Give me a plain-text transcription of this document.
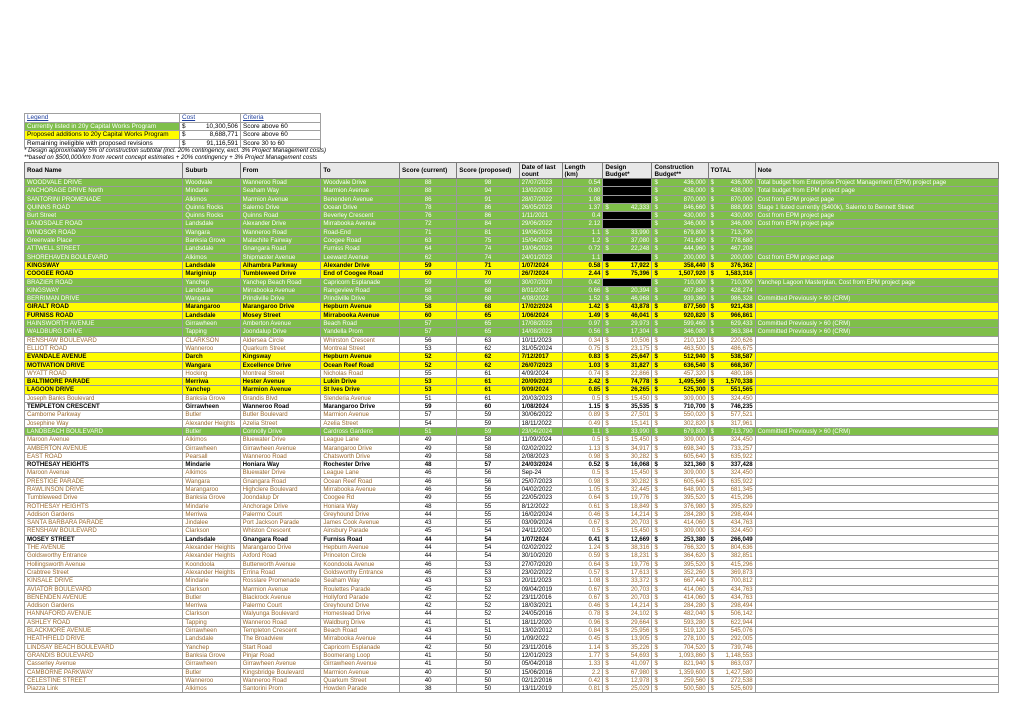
Legend	Cost	Criteria
Currently listed in 20y Capital Works Program	$ 10,300,506	Score above 60
Proposed additions to 20y Capital Works Program	$ 8,688,771	Score above 60
Remaining ineligible with proposed revisions	$ 91,116,591	Score 30 to 60
* Design approximately 5% of construction subtotal (incl. 20% contingency, excl. 3% Project Management costs)
**based on $500,000/km from recent concept estimates + 20% contingency + 3% Project Management costs
Road Name	Suburb	From	To	Score (current)	Score (proposed)	Date of last count	Length (km)	Design Budget*	Construction Budget**	TOTAL	Note
WOODVALE DRIVE	Woodvale	Wanneroo Road	Woodvale Drive	88	98	27/07/2023	0.54		$ 436,000	$ 436,000	Total budget from Enterprise Project Management (EPM) project page
ANCHORAGE DRIVE North	Mindarie	Seaham Way	Marmion Avenue	88	94	13/02/2023	0.80		$ 438,000	$ 438,000	Total budget from EPM project page
SANTORINI PROMENADE	Alkimos	Marmion Avenue	Benenden Avenue	86	91	28/07/2022	1.08		$ 870,000	$ 870,000	Cost from EPM project page
QUINNS ROAD	Quinns Rocks	Salerno Drive	Ocean Drive	78	86	26/05/2023	1.37	$ 42,333	$ 846,660	$ 888,993	Stage 1 listed currently ($400k), Salerno to Bennett Street
Burt Street	Quinns Rocks	Quinns Road	Beverley Crescent	76	86	1/11/2021	0.4		$ 430,000	$ 430,000	Cost from EPM project page
LANDSDALE ROAD	Landsdale	Alexander Drive	Mirrabooka Avenue	72	84	29/06/2022	2.12		$ 346,000	$ 346,000	Cost from EPM project page
WINDSOR ROAD	Wangara	Wanneroo Road	Road-End	71	81	19/06/2023	1.1	$ 33,990	$ 679,800	$ 713,790	

Greenvale Place	Banksia Grove	Malachite Fairway	Coogee Road	63	75	15/04/2024	1.2	$ 37,080	$ 741,600	$ 778,680	

ATTWELL STREET	Landsdale	Gnangara Road	Furniss Road	64	74	19/06/2023	0.72	$ 22,248	$ 444,960	$ 467,208	

SHOREHAVEN BOULEVARD	Alkimos	Shipmaster Avenue	Leeward Avenue	62	74	24/01/2023	1.1		$ 200,000	$ 200,000	Cost from EPM project page
KINGSWAY	Landsdale	Alhambra Parkway	Alexander Drive	59	71	1/07/2024	0.58	$ 17,922	$ 358,440	$ 376,362	

COOGEE ROAD	Mariginiup	Tumbleweed Drive	End of Coogee Road	60	70	26/7/2024	2.44	$ 75,396	$ 1,507,920	$ 1,583,316	

BRAZIER ROAD	Yanchep	Yanchep Beach Road	Capricorn Esplanade	59	69	30/07/2020	0.42		$ 710,000	$ 710,000	Yanchep Lagoon Masterplan, Cost from EPM project page
KINGSWAY	Landsdale	Mirrabooka Avenue	Rangeview Road	68	68	8/01/2024	0.66	$ 20,394	$ 407,880	$ 428,274	

BERRIMAN DRIVE	Wangara	Prindiville Drive	Prindiville Drive	58	68	4/08/2022	1.52	$ 46,968	$ 939,360	$ 986,328	Committed Previously > 60 (CRM)
GIRALT ROAD	Marangaroo	Marangaroo Drive	Hepburn Avenue	58	68	17/02/2024	1.42	$ 43,878	$ 877,560	$ 921,438	

FURNISS ROAD	Landsdale	Mosey Street	Mirrabooka Avenue	60	65	1/06/2024	1.49	$ 46,041	$ 920,820	$ 966,861	

HAINSWORTH AVENUE	Girrawheen	Amberton Avenue	Beach Road	57	65	17/08/2023	0.97	$ 29,973	$ 599,460	$ 629,433	Committed Previously > 60 (CRM)
WALDBURG DRIVE	Tapping	Joondalup Drive	Yandella Prom	57	65	14/08/2023	0.56	$ 17,304	$ 346,080	$ 363,384	Committed Previously > 60 (CRM)
RENSHAW BOULEVARD	CLARKSON	Aldersea Circle	Whinston Crescent	56	63	10/11/2023	0.34	$ 10,506	$ 210,120	$ 220,626	

ELLIOT ROAD	Wanneroo	Quarkum Street	Montreal Street	53	62	31/05/2024	0.75	$ 23,175	$ 463,500	$ 486,675	

EVANDALE AVENUE	Darch	Kingsway	Hepburn Avenue	52	62	7/12/2017	0.83	$ 25,647	$ 512,940	$ 538,587	

MOTIVATION DRIVE	Wangara	Excellence Drive	Ocean Reef Road	52	62	26/07/2023	1.03	$ 31,827	$ 636,540	$ 668,367	

WYATT ROAD	Hocking	Montreal Street	Nicholas Road	55	61	4/09/2024	0.74	$ 22,866	$ 457,320	$ 480,186	

BALTIMORE PARADE	Merriwa	Hester Avenue	Lukin Drive	53	61	20/09/2023	2.42	$ 74,778	$ 1,495,560	$ 1,570,338	

LAGOON DRIVE	Yanchep	Marmion Avenue	St Ives Drive	53	61	9/09/2024	0.85	$ 26,265	$ 525,300	$ 551,565	

Joseph Banks Boulevard	Banksia Grove	Grandis Blvd	Slenderia Avenue	51	61	20/03/2023	0.5	$ 15,450	$ 309,000	$ 324,450	

TEMPLETON CRESCENT	Girrawheen	Wanneroo Road	Marangaroo Drive	59	60	1/08/2024	1.15	$ 35,535	$ 710,700	$ 746,235	

Camborne Parkway	Butler	Butler Boulevard	Marmion Avenue	57	59	30/06/2022	0.89	$ 27,501	$ 550,020	$ 577,521	

Josephine Way	Alexander Heights	Azelia Street	Azelia Street	54	59	18/11/2022	0.49	$ 15,141	$ 302,820	$ 317,961	

LANDBEACH BOULEVARD	Butler	Connolly Drive	Cardross Gardens	51	59	23/04/2024	1.1	$ 33,990	$ 679,800	$ 713,790	Committed Previously > 60 (CRM)
Maroon Avenue	Alkimos	Bluewater Drive	League Lane	49	58	11/09/2024	0.5	$ 15,450	$ 309,000	$ 324,450	

AMBERTON AVENUE	Girrawheen	Girrawheen Avenue	Marangaroo Drive	49	58	02/02/2022	1.13	$ 34,917	$ 698,340	$ 733,257	

EAST ROAD	Pearsall	Wanneroo Road	Chatsworth Drive	49	58	2/08/2023	0.98	$ 30,282	$ 605,640	$ 635,922	

ROTHESAY HEIGHTS	Mindarie	Honiara Way	Rochester Drive	48	57	24/03/2024	0.52	$ 16,068	$ 321,360	$ 337,428	

Maroon Avenue	Alkimos	Bluewater Drive	League Lane	46	56	Sep-24	0.5	$ 15,450	$ 309,000	$ 324,450	

PRESTIGE PARADE	Wangara	Gnangara Road	Ocean Reef Road	46	56	25/07/2023	0.98	$ 30,282	$ 605,640	$ 635,922	

RAWLINSON DRIVE	Marangaroo	Highclere Boulevard	Mirrabooka Avenue	46	56	04/02/2022	1.05	$ 32,445	$ 648,900	$ 681,345	

Tumbleweed Drive	Banksia Grove	Joondalup Dr	Coogee Rd	49	55	22/05/2023	0.64	$ 19,776	$ 395,520	$ 415,296	

ROTHESAY HEIGHTS	Mindarie	Anchorage Drive	Honiara Way	48	55	8/12/2022	0.61	$ 18,849	$ 376,980	$ 395,829	

Addison Gardens	Merriwa	Palermo Court	Greyhound Drive	44	55	16/02/2024	0.46	$ 14,214	$ 284,280	$ 298,494	

SANTA BARBARA PARADE	Jindalee	Port Jackson Parade	James Cook Avenue	43	55	03/09/2024	0.67	$ 20,703	$ 414,060	$ 434,763	

RENSHAW BOULEVARD	Clarkson	Whiston Crescent	Ainsbury Parade	45	54	24/11/2020	0.5	$ 15,450	$ 309,000	$ 324,450	

MOSEY STREET	Landsdale	Gnangara Road	Furniss Road	44	54	1/07/2024	0.41	$ 12,669	$ 253,380	$ 266,049	

THE AVENUE	Alexander Heights	Marangaroo Drive	Hepburn Avenue	44	54	02/02/2022	1.24	$ 38,316	$ 766,320	$ 804,636	

Goldsworthy Entrance	Alexander Heights	Axford Road	Princeton Circle	44	54	30/10/2020	0.59	$ 18,231	$ 364,620	$ 382,851	

Hollingsworth Avenue	Koondoola	Butterworth Avenue	Koondoola Avenue	46	53	27/07/2020	0.64	$ 19,776	$ 395,520	$ 415,296	

Crabtree Street	Alexander Heights	Errina Road	Goldsworthy Entrance	46	53	23/02/2022	0.57	$ 17,613	$ 352,260	$ 369,873	

KINSALE DRIVE	Mindarie	Rosslare Promenade	Seaham Way	43	53	20/11/2023	1.08	$ 33,372	$ 667,440	$ 700,812	

AVIATOR BOULEVARD	Clarkson	Marmion Avenue	Roulettes Parade	45	52	09/04/2019	0.67	$ 20,703	$ 414,060	$ 434,763	

BENENDEN AVENUE	Butler	Blackrock Avenue	Hollyford Parade	42	52	23/11/2016	0.67	$ 20,703	$ 414,060	$ 434,763	

Addison Gardens	Merriwa	Palermo Court	Greyhound Drive	42	52	18/03/2021	0.46	$ 14,214	$ 284,280	$ 298,494	

HANNAFORD AVENUE	Clarkson	Walyunga Boulevard	Homestead Drive	44	52	24/05/2016	0.78	$ 24,102	$ 482,040	$ 506,142	

ASHLEY ROAD	Tapping	Wanneroo Road	Waldburg Drive	41	51	18/11/2020	0.96	$ 29,664	$ 593,280	$ 622,944	

BLACKMORE AVENUE	Girrawheen	Templeton Crescent	Beach Road	43	51	13/02/2012	0.84	$ 25,956	$ 519,120	$ 545,076	

HEATHFIELD DRIVE	Landsdale	The Broadview	Mirrabooka Avenue	44	50	1/09/2022	0.45	$ 13,905	$ 278,100	$ 292,005	

LINDSAY BEACH BOULEVARD	Yanchep	Start Road	Capricorn Esplanade	42	50	23/11/2016	1.14	$ 35,226	$ 704,520	$ 739,746	

GRANDIS BOULEVARD	Banksia Grove	Pinjar Road	Boomerang Loop	41	50	12/01/2023	1.77	$ 54,693	$ 1,093,860	$ 1,148,553	

Casserley Avenue	Girrawheen	Girrawheen Avenue	Girrawheen Avenue	41	50	05/04/2018	1.33	$ 41,097	$ 821,940	$ 863,037	

CAMBORNE PARKWAY	Butler	Kingsbridge Boulevard	Marmion Avenue	40	50	15/06/2016	2.2	$ 67,980	$ 1,359,600	$ 1,427,580	

CELESTINE STREET	Wanneroo	Wanneroo Road	Quarkum Street	40	50	02/12/2016	0.42	$ 12,978	$ 259,560	$ 272,538	

Piazza Link	Alkimos	Santorini Prom	Howden Parade	38	50	13/11/2019	0.81	$ 25,029	$ 500,580	$ 525,609	
